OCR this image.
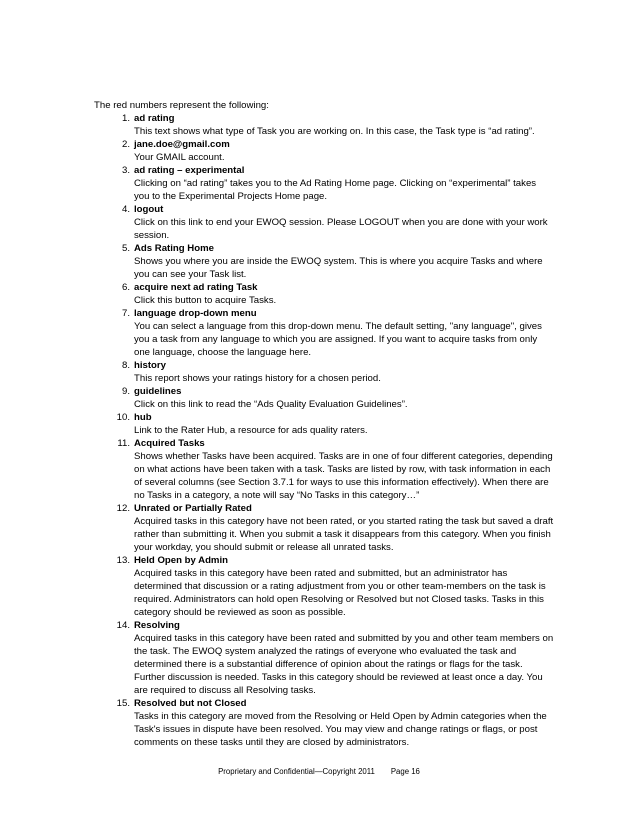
The red numbers represent the following:
1. ad rating
This text shows what type of Task you are working on. In this case, the Task type is “ad rating”.
2. jane.doe@gmail.com
Your GMAIL account.
3. ad rating – experimental
Clicking on “ad rating” takes you to the Ad Rating Home page. Clicking on “experimental” takes you to the Experimental Projects Home page.
4. logout
Click on this link to end your EWOQ session. Please LOGOUT when you are done with your work session.
5. Ads Rating Home
Shows you where you are inside the EWOQ system. This is where you acquire Tasks and where you can see your Task list.
6. acquire next ad rating Task
Click this button to acquire Tasks.
7. language drop-down menu
You can select a language from this drop-down menu. The default setting, "any language", gives you a task from any language to which you are assigned. If you want to acquire tasks from only one language, choose the language here.
8. history
This report shows your ratings history for a chosen period.
9. guidelines
Click on this link to read the “Ads Quality Evaluation Guidelines”.
10. hub
Link to the Rater Hub, a resource for ads quality raters.
11. Acquired Tasks
Shows whether Tasks have been acquired. Tasks are in one of four different categories, depending on what actions have been taken with a task. Tasks are listed by row, with task information in each of several columns (see Section 3.7.1 for ways to use this information effectively). When there are no Tasks in a category, a note will say “No Tasks in this category…”
12. Unrated or Partially Rated
Acquired tasks in this category have not been rated, or you started rating the task but saved a draft rather than submitting it. When you submit a task it disappears from this category. When you finish your workday, you should submit or release all unrated tasks.
13. Held Open by Admin
Acquired tasks in this category have been rated and submitted, but an administrator has determined that discussion or a rating adjustment from you or other team-members on the task is required. Administrators can hold open Resolving or Resolved but not Closed tasks. Tasks in this category should be reviewed as soon as possible.
14. Resolving
Acquired tasks in this category have been rated and submitted by you and other team members on the task. The EWOQ system analyzed the ratings of everyone who evaluated the task and determined there is a substantial difference of opinion about the ratings or flags for the task. Further discussion is needed. Tasks in this category should be reviewed at least once a day. You are required to discuss all Resolving tasks.
15. Resolved but not Closed
Tasks in this category are moved from the Resolving or Held Open by Admin categories when the Task's issues in dispute have been resolved. You may view and change ratings or flags, or post comments on these tasks until they are closed by administrators.
Proprietary and Confidential—Copyright 2011 Page 16
